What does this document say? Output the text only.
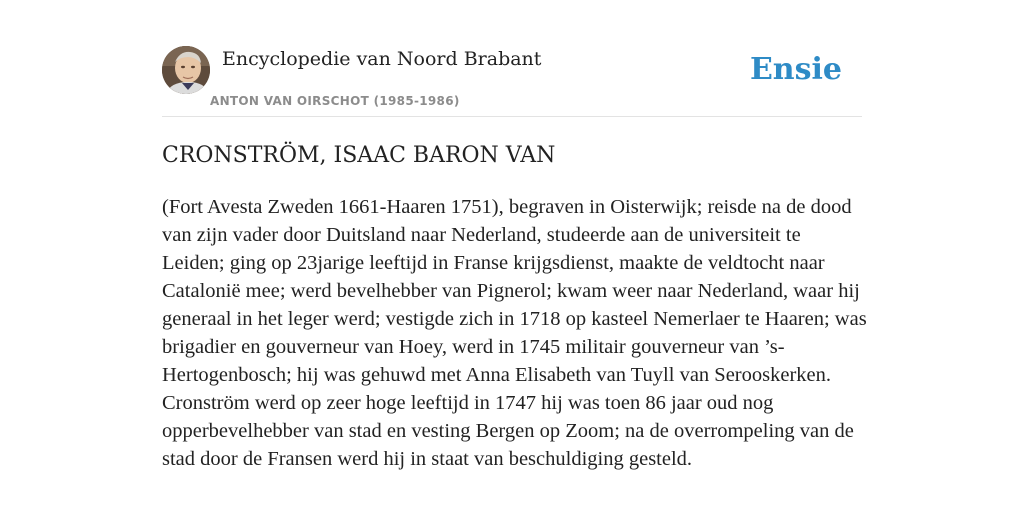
Encyclopedie van Noord Brabant
ANTON VAN OIRSCHOT (1985-1986)
Ensie
CRONSTRÖM, ISAAC BARON VAN

(Fort Avesta Zweden 1661-Haaren 1751), begraven in Oisterwijk; reisde na de dood van zijn vader door Duitsland naar Nederland, studeerde aan de universiteit te Leiden; ging op 23jarige leeftijd in Franse krijgsdienst, maakte de veldtocht naar Catalonië mee; werd bevelhebber van Pignerol; kwam weer naar Nederland, waar hij generaal in het leger werd; vestigde zich in 1718 op kasteel Nemerlaer te Haaren; was brigadier en gouverneur van Hoey, werd in 1745 militair gouverneur van ’s-Hertogenbosch; hij was gehuwd met Anna Elisabeth van Tuyll van Serooskerken. Cronström werd op zeer hoge leeftijd in 1747 hij was toen 86 jaar oud nog opperbevelhebber van stad en vesting Bergen op Zoom; na de overrompeling van de stad door de Fransen werd hij in staat van beschuldiging gesteld.
